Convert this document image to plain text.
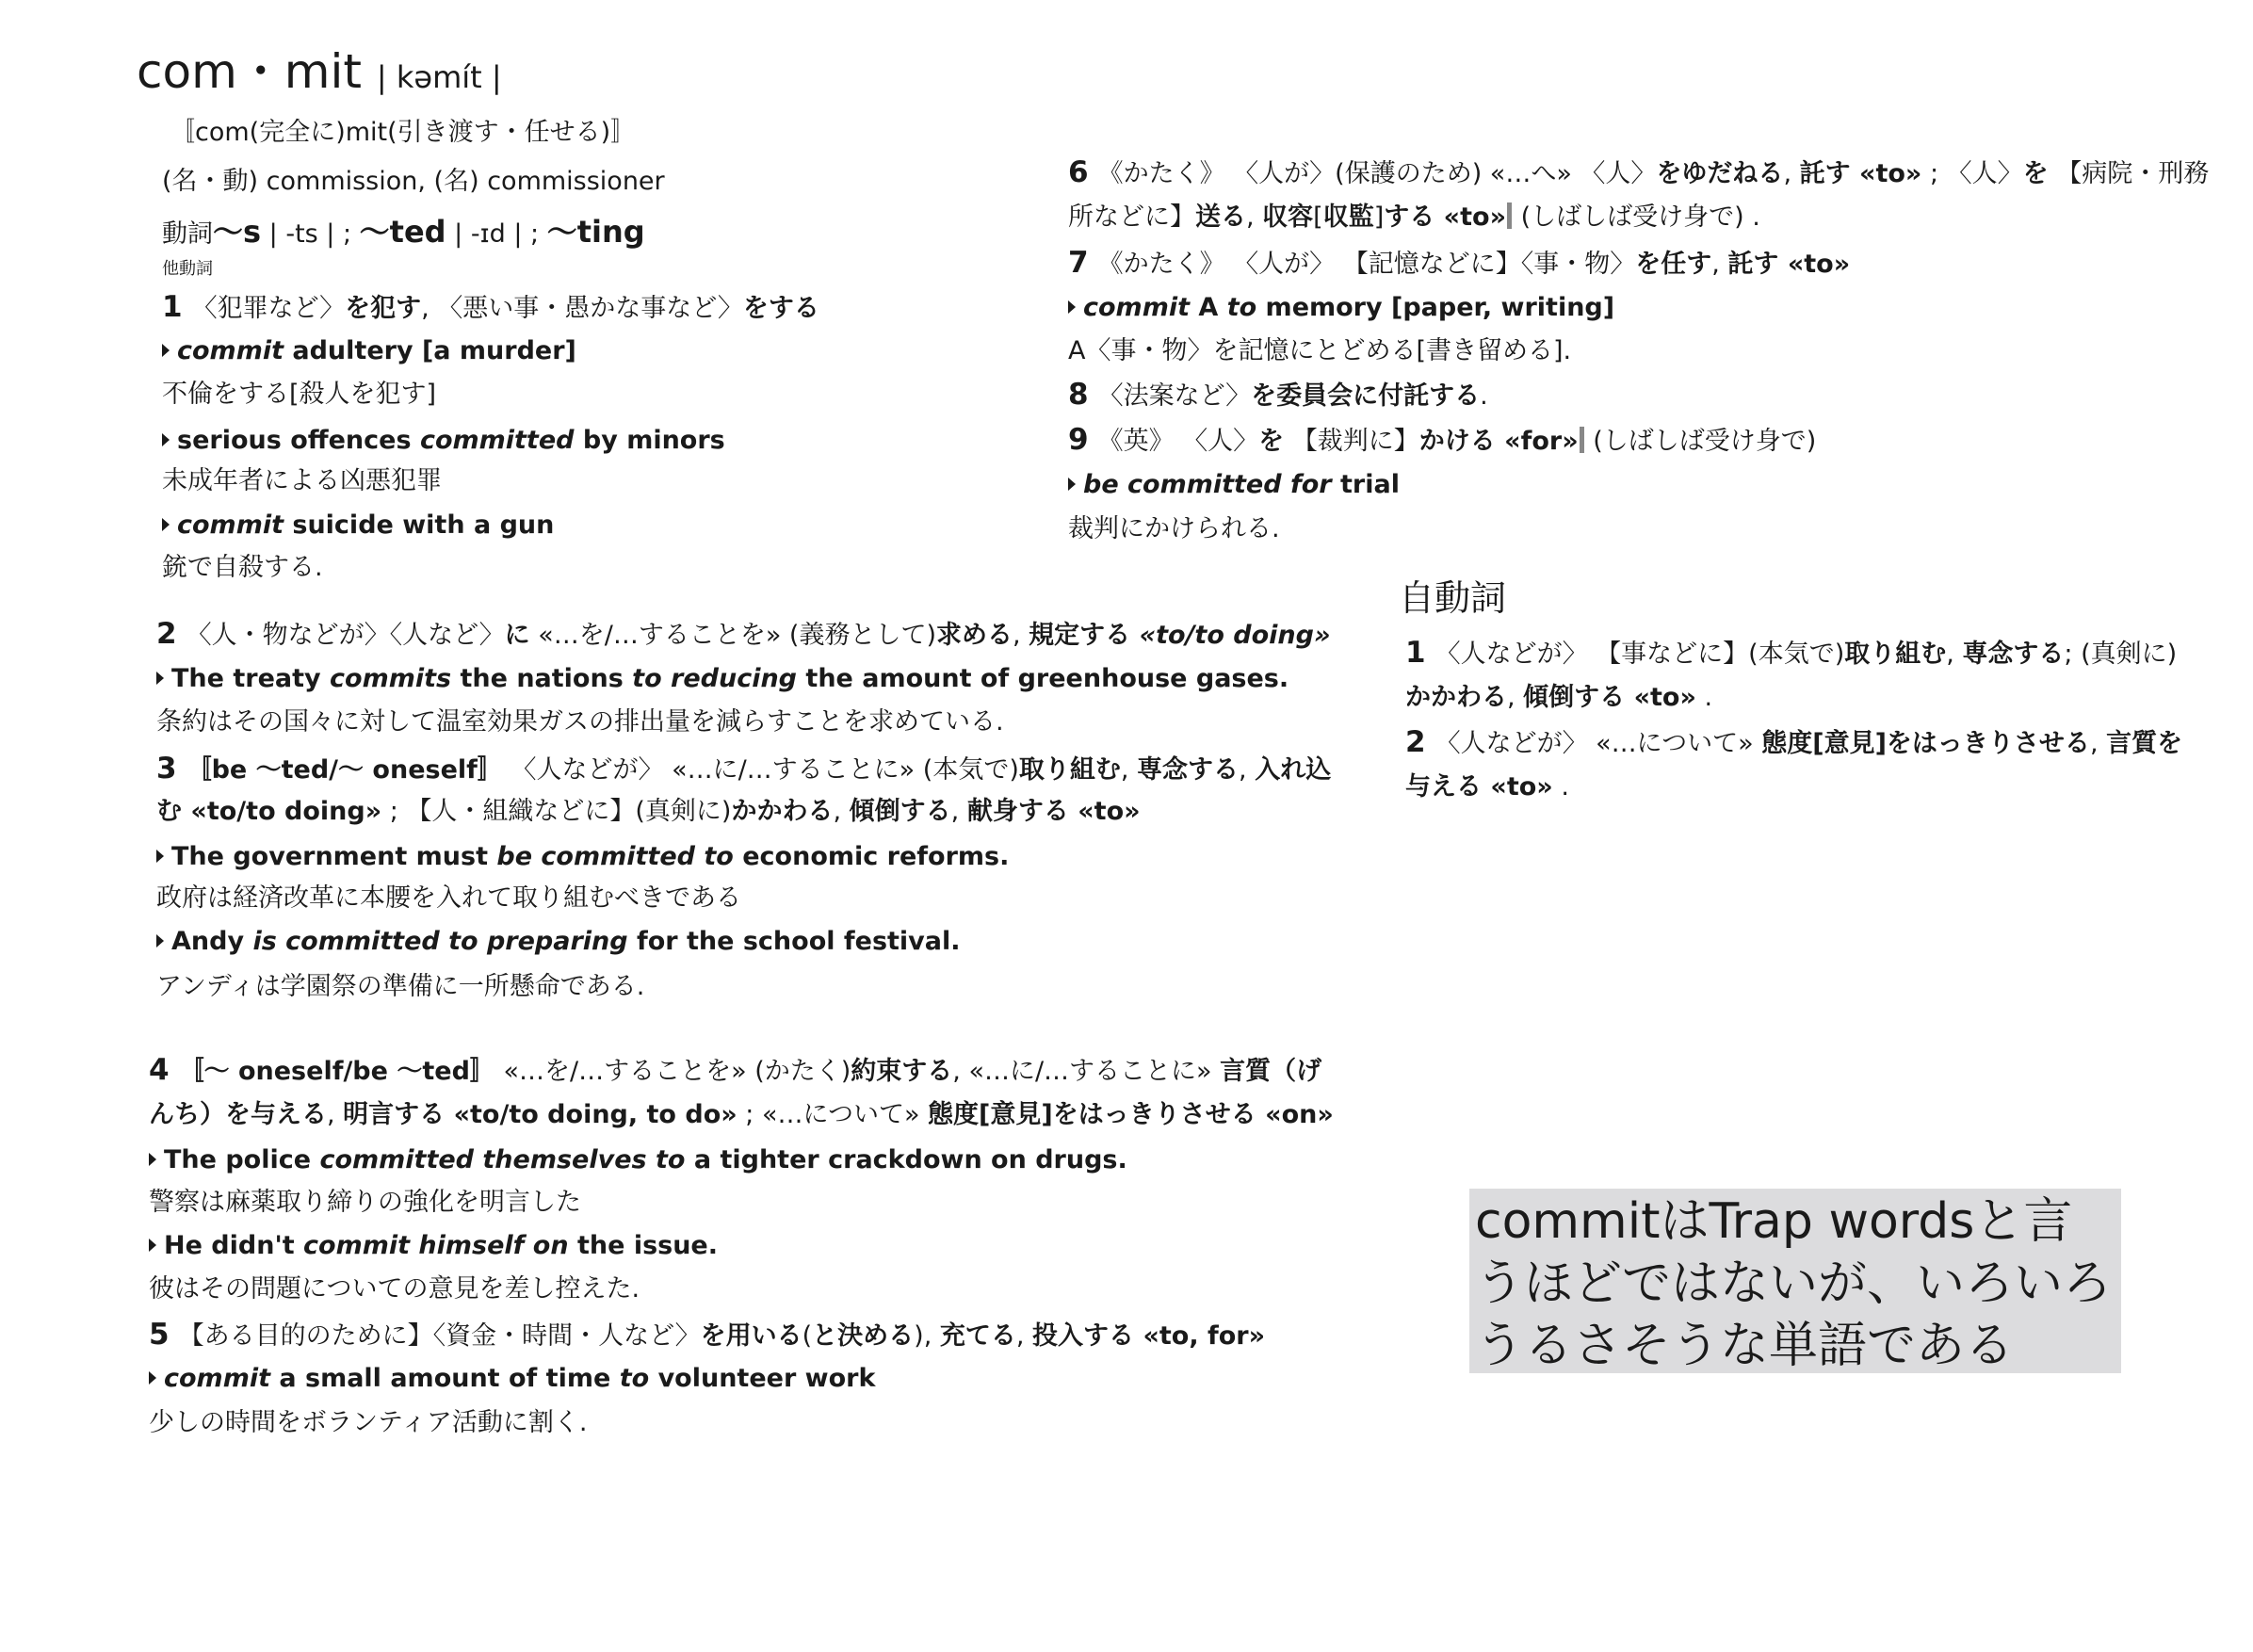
com・mit | kəmít |
〚com(完全に)mit(引き渡す・任せる)〛
(名・動) commission, (名) commissioner
動詞〜s | -ts | ; 〜ted | -ɪd | ; 〜ting
他動詞
1 〈犯罪など〉を犯す, 〈悪い事・愚かな事など〉をする
commit adultery [a murder]
不倫をする[殺人を犯す]
serious offences committed by minors
未成年者による凶悪犯罪
commit suicide with a gun
銃で自殺する.
2 〈人・物などが〉〈人など〉に «…を/…することを» (義務として)求める, 規定する «to/to doing»
The treaty commits the nations to reducing the amount of greenhouse gases.
条約はその国々に対して温室効果ガスの排出量を減らすことを求めている.
3 〚be 〜ted/〜 oneself〛 〈人などが〉 «…に/…することに» (本気で)取り組む, 専念する, 入れ込
む «to/to doing» ; 【人・組織などに】(真剣に)かかわる, 傾倒する, 献身する «to»
The government must be committed to economic reforms.
政府は経済改革に本腰を入れて取り組むべきである
Andy is committed to preparing for the school festival.
アンディは学園祭の準備に一所懸命である.
4 〚〜 oneself/be 〜ted〛 «…を/…することを» (かたく)約束する, «…に/…することに» 言質（げ
んち）を与える, 明言する «to/to doing, to do» ; «…について» 態度[意見]をはっきりさせる «on»
The police committed themselves to a tighter crackdown on drugs.
警察は麻薬取り締りの強化を明言した
He didn't commit himself on the issue.
彼はその問題についての意見を差し控えた.
5 【ある目的のために】〈資金・時間・人など〉を用いる(と決める), 充てる, 投入する «to, for»
commit a small amount of time to volunteer work
少しの時間をボランティア活動に割く.
6 《かたく》 〈人が〉(保護のため) «…へ» 〈人〉をゆだねる, 託す «to» ; 〈人〉を 【病院・刑務
所などに】送る, 収容[収監]する «to» (しばしば受け身で) .
7 《かたく》 〈人が〉 【記憶などに】〈事・物〉を任す, 託す «to»
commit A to memory [paper, writing]
A〈事・物〉を記憶にとどめる[書き留める].
8 〈法案など〉を委員会に付託する.
9 《英》 〈人〉を 【裁判に】かける «for» (しばしば受け身で)
be committed for trial
裁判にかけられる.
自動詞
1 〈人などが〉 【事などに】(本気で)取り組む, 専念する; (真剣に)
かかわる, 傾倒する «to» .
2 〈人などが〉 «…について» 態度[意見]をはっきりさせる, 言質を
与える «to» .
commitはTrap wordsと言うほどではないが、いろいろうるさそうな単語である
